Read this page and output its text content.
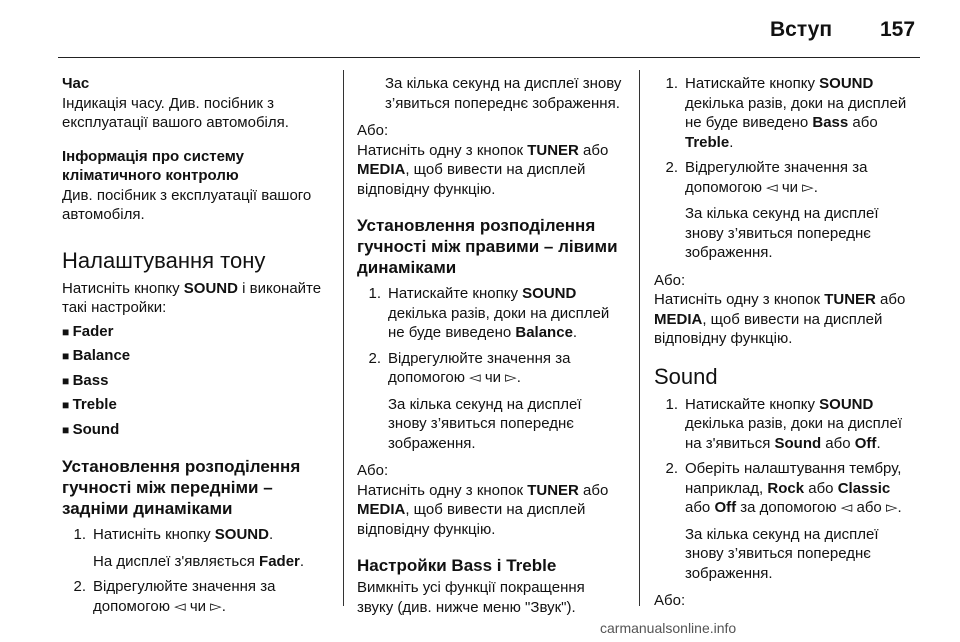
Вступ 157

Час

Індикація часу. Див. посібник з експлуатації вашого автомобіля.

Інформація про систему кліматичного контролю

Див. посібник з експлуатації вашого автомобіля.

Налаштування тону

Натисніть кнопку SOUND і виконайте такі настройки:

■ Fader
■ Balance
■ Bass
■ Treble
■ Sound
Установлення розподілення гучності між передніми – задніми динаміками
1. Натисніть кнопку SOUND.

На дисплеї з'являється Fader.

2. Відрегулюйте значення за допомогою ◅ чи ▻.

За кілька секунд на дисплеї знову з’явиться попереднє зображення.

Або:

Натисніть одну з кнопок TUNER або MEDIA, щоб вивести на дисплей відповідну функцію.

Установлення розподілення гучності між правими – лівими динаміками
1. Натискайте кнопку SOUND декілька разів, доки на дисплей не буде виведено Balance.
2. Відрегулюйте значення за допомогою ◅ чи ▻.

За кілька секунд на дисплеї знову з’явиться попереднє зображення.

Або:

Натисніть одну з кнопок TUNER або MEDIA, щоб вивести на дисплей відповідну функцію.

Настройки Bass і Treble

Вимкніть усі функції покращення звуку (див. нижче меню "Звук").

1. Натискайте кнопку SOUND декілька разів, доки на дисплей не буде виведено Bass або Treble.
2. Відрегулюйте значення за допомогою ◅ чи ▻.

За кілька секунд на дисплеї знову з’явиться попереднє зображення.

Або:

Натисніть одну з кнопок TUNER або MEDIA, щоб вивести на дисплей відповідну функцію.

Sound
1. Натискайте кнопку SOUND декілька разів, доки на дисплеї на з'явиться Sound або Off.
2. Оберіть налаштування тембру, наприклад, Rock або Classic або Off за допомогою ◅ або ▻.

За кілька секунд на дисплеї знову з’явиться попереднє зображення.

Або:

carmanualsonline.info
